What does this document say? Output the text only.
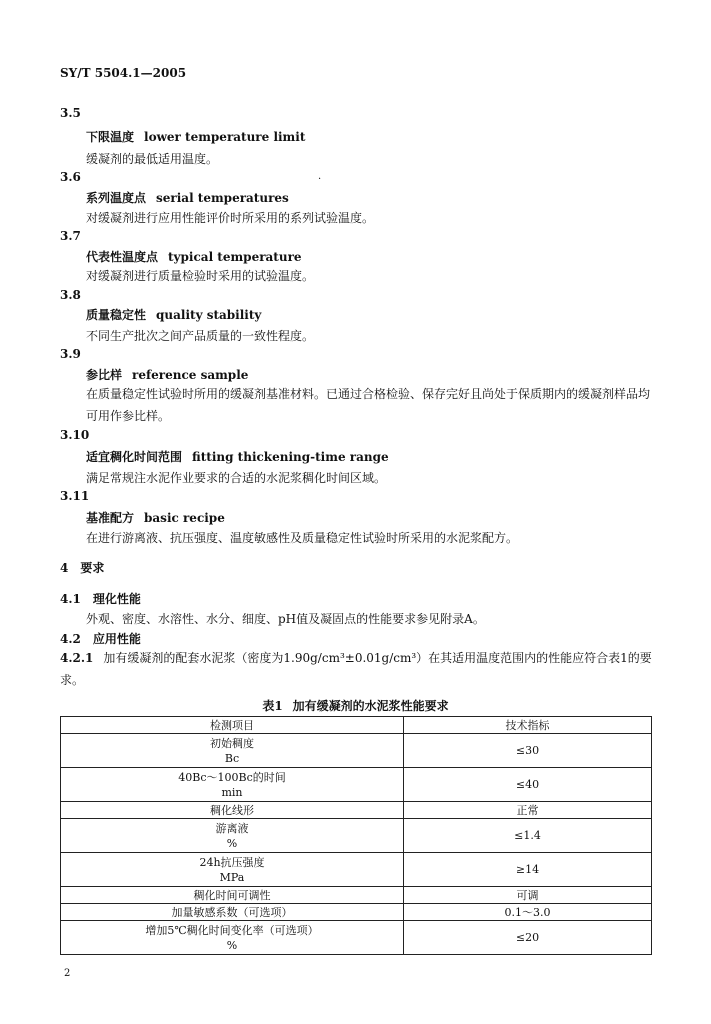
SY/T 5504.1—2005
3.5
下限温度 lower temperature limit
缓凝剂的最低适用温度。
3.6	.
系列温度点 serial temperatures
对缓凝剂进行应用性能评价时所采用的系列试验温度。
3.7
代表性温度点 typical temperature
对缓凝剂进行质量检验时采用的试验温度。
3.8
质量稳定性 quality stability
不同生产批次之间产品质量的一致性程度。
3.9
参比样 reference sample
在质量稳定性试验时所用的缓凝剂基准材料。已通过合格检验、保存完好且尚处于保质期内的缓凝剂样品均可用作参比样。
3.10
适宜稠化时间范围 fitting thickening-time range
满足常规注水泥作业要求的合适的水泥浆稠化时间区域。
3.11
基准配方 basic recipe
在进行游离液、抗压强度、温度敏感性及质量稳定性试验时所采用的水泥浆配方。
4 要求
4.1 理化性能
外观、密度、水溶性、水分、细度、pH值及凝固点的性能要求参见附录A。
4.2 应用性能
4.2.1 加有缓凝剂的配套水泥浆（密度为1.90g/cm³±0.01g/cm³）在其适用温度范围内的性能应符合表1的要求。
表1 加有缓凝剂的水泥浆性能要求
检测项目	技术指标

初始稠度
Bc	≤30

40Bc～100Bc的时间
min	≤40
稠化线形	正常

游离液
%	≤1.4

24h抗压强度
MPa	≥14
稠化时间可调性	可调
加量敏感系数（可选项）	0.1～3.0

增加5℃稠化时间变化率（可选项）
%	≤20
2
